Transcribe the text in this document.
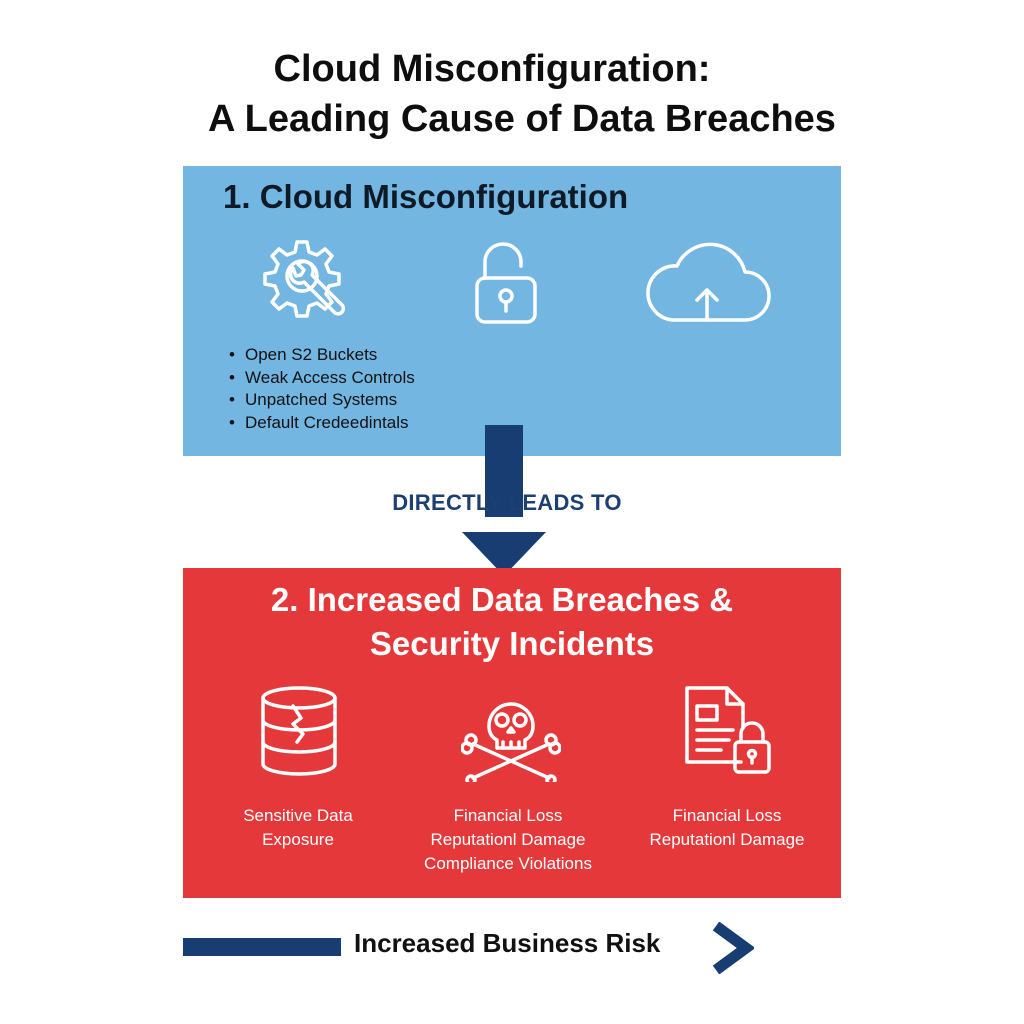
Cloud Misconfiguration:
A Leading Cause of Data Breaches
1. Cloud Misconfiguration
• Open S2 Buckets
• Weak Access Controls
• Unpatched Systems
• Default Credeedintals
DIRECTLY LEADS TO
2. Increased Data Breaches &
Security Incidents
Sensitive Data
Exposure
Financial Loss
Reputationl Damage
Compliance Violations
Financial Loss
Reputationl Damage
Increased Business Risk
